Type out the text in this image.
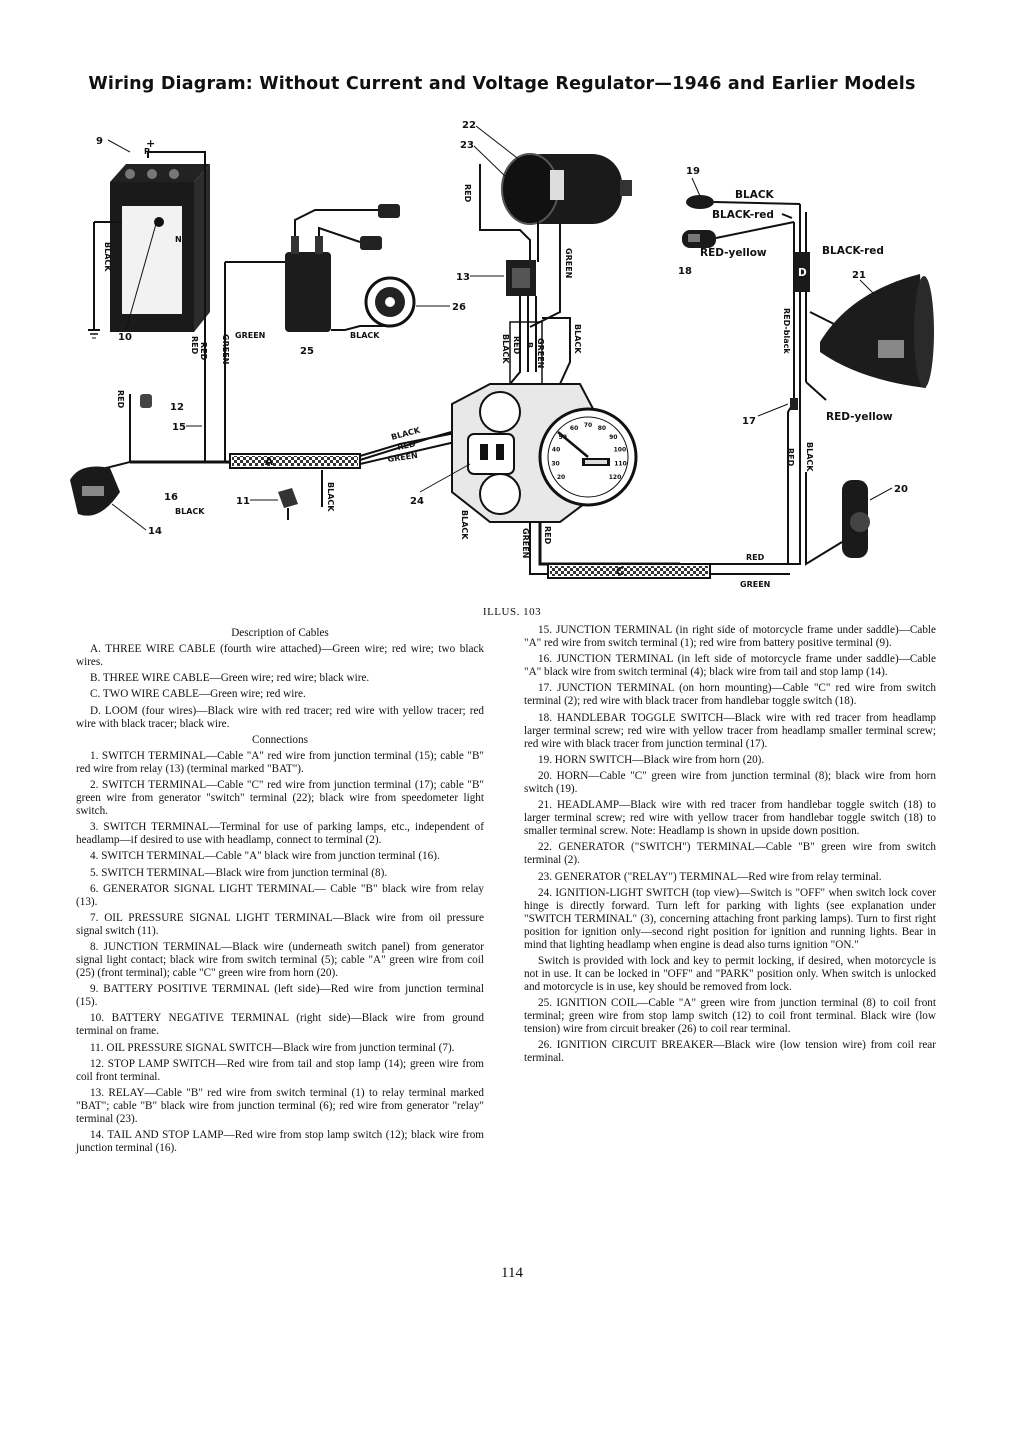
Wiring Diagram: Without Current and Voltage Regulator—1946 and Earlier Models
N
P
+
BLACK
RED GREEN	BLACK
RED
GREEN
BLACK RED GREEN
B	BLACK
RED
A
BLACK
RED
GREEN
BLACK
BLACK
20
30
40
50
60 70 80
90
100
110
120
BLACK
BLACK-red
RED-yellow
D
RED-black
BLACK-red
RED-yellow
RED BLACK
C
RED
GREEN	RED
GREEN
BLACK
RED
GREEN
9
10
12
15
16
14
11
25
26
13
22
23
24
19
18	21
17
20
ILLUS. 103

Description of Cables

A. THREE WIRE CABLE (fourth wire attached)—Green wire; red wire; two black wires.

B. THREE WIRE CABLE—Green wire; red wire; black wire.

C. TWO WIRE CABLE—Green wire; red wire.

D. LOOM (four wires)—Black wire with red tracer; red wire with yellow tracer; red wire with black tracer; black wire.

Connections

1. SWITCH TERMINAL—Cable "A" red wire from junction terminal (15); cable "B" red wire from relay (13) (terminal marked "BAT").

2. SWITCH TERMINAL—Cable "C" red wire from junction terminal (17); cable "B" green wire from generator "switch" terminal (22); black wire from speedometer light switch.

3. SWITCH TERMINAL—Terminal for use of parking lamps, etc., independent of headlamp—if desired to use with headlamp, connect to terminal (2).

4. SWITCH TERMINAL—Cable "A" black wire from junction terminal (16).

5. SWITCH TERMINAL—Black wire from junction terminal (8).

6. GENERATOR SIGNAL LIGHT TERMINAL— Cable "B" black wire from relay (13).

7. OIL PRESSURE SIGNAL LIGHT TERMINAL—Black wire from oil pressure signal switch (11).

8. JUNCTION TERMINAL—Black wire (underneath switch panel) from generator signal light contact; black wire from switch terminal (5); cable "A" green wire from coil (25) (front terminal); cable "C" green wire from horn (20).

9. BATTERY POSITIVE TERMINAL (left side)—Red wire from junction terminal (15).

10. BATTERY NEGATIVE TERMINAL (right side)—Black wire from ground terminal on frame.

11. OIL PRESSURE SIGNAL SWITCH—Black wire from junction terminal (7).

12. STOP LAMP SWITCH—Red wire from tail and stop lamp (14); green wire from coil front terminal.

13. RELAY—Cable "B" red wire from switch terminal (1) to relay terminal marked "BAT"; cable "B" black wire from junction terminal (6); red wire from generator "relay" terminal (23).

14. TAIL AND STOP LAMP—Red wire from stop lamp switch (12); black wire from junction terminal (16).

15. JUNCTION TERMINAL (in right side of motorcycle frame under saddle)—Cable "A" red wire from switch terminal (1); red wire from battery positive terminal (9).

16. JUNCTION TERMINAL (in left side of motorcycle frame under saddle)—Cable "A" black wire from switch terminal (4); black wire from tail and stop lamp (14).

17. JUNCTION TERMINAL (on horn mounting)—Cable "C" red wire from switch terminal (2); red wire with black tracer from handlebar toggle switch (18).

18. HANDLEBAR TOGGLE SWITCH—Black wire with red tracer from headlamp larger terminal screw; red wire with yellow tracer from headlamp smaller terminal screw; red wire with black tracer from junction terminal (17).

19. HORN SWITCH—Black wire from horn (20).

20. HORN—Cable "C" green wire from junction terminal (8); black wire from horn switch (19).

21. HEADLAMP—Black wire with red tracer from handlebar toggle switch (18) to larger terminal screw; red wire with yellow tracer from handlebar toggle switch (18) to smaller terminal screw. Note: Headlamp is shown in upside down position.

22. GENERATOR ("SWITCH") TERMINAL—Cable "B" green wire from switch terminal (2).

23. GENERATOR ("RELAY") TERMINAL—Red wire from relay terminal.

24. IGNITION-LIGHT SWITCH (top view)—Switch is "OFF" when switch lock cover hinge is directly forward. Turn left for parking with lights (see explanation under "SWITCH TERMINAL" (3), concerning attaching front parking lamps). Turn to first right position for ignition only—second right position for ignition and running lights. Bear in mind that lighting headlamp when engine is dead also turns ignition "ON."

Switch is provided with lock and key to permit locking, if desired, when motorcycle is not in use. It can be locked in "OFF" and "PARK" position only. When switch is unlocked and motorcycle is in use, key should be removed from lock.

25. IGNITION COIL—Cable "A" green wire from junction terminal (8) to coil front terminal; green wire from stop lamp switch (12) to coil front terminal. Black wire (low tension) wire from circuit breaker (26) to coil rear terminal.

26. IGNITION CIRCUIT BREAKER—Black wire (low tension wire) from coil rear terminal.

114
